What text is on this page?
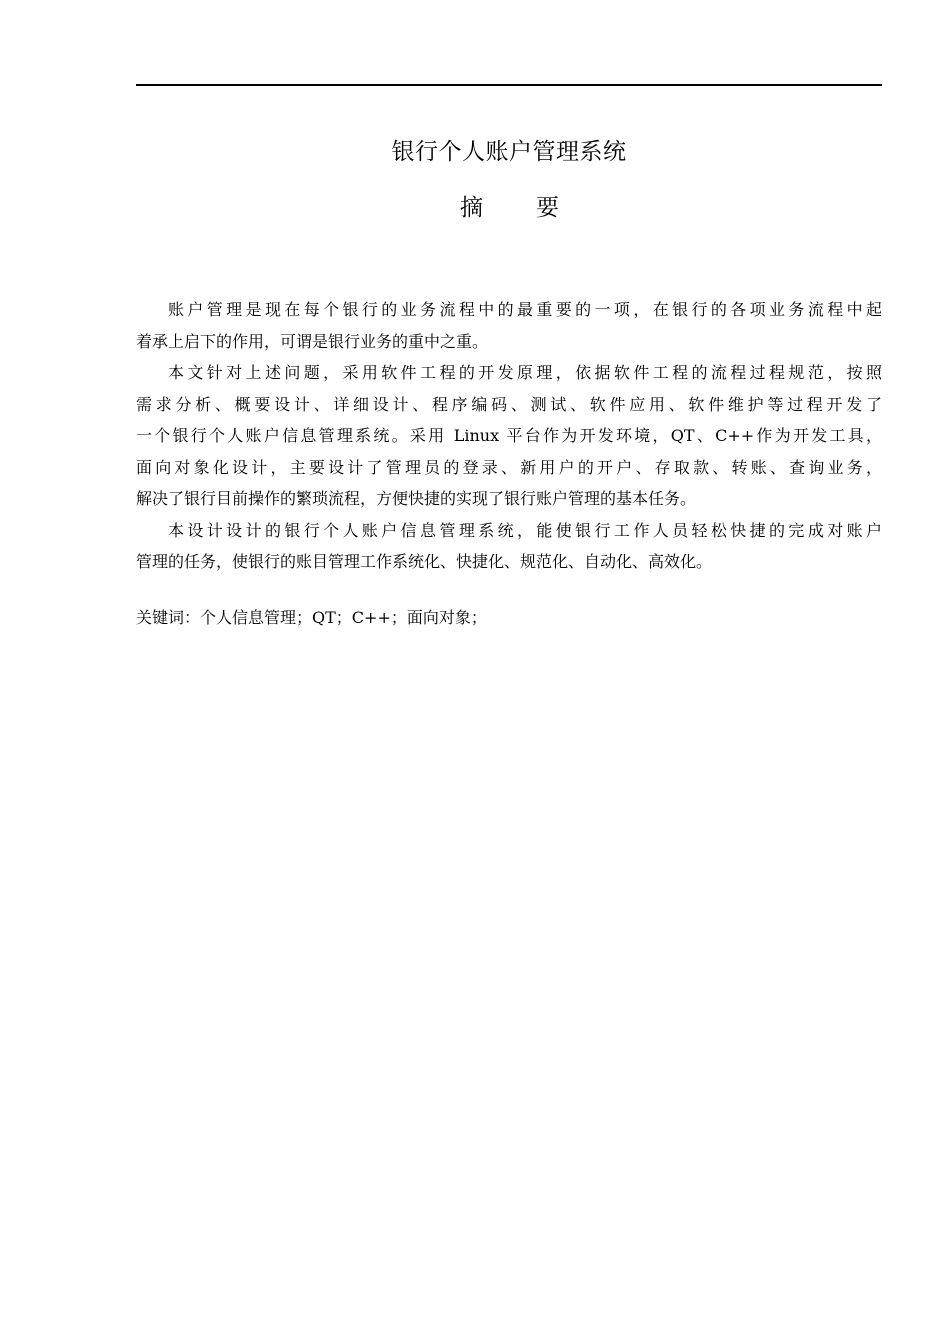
银行个人账户管理系统
摘 要
账户管理是现在每个银行的业务流程中的最重要的一项，在银行的各项业务流程中起
着承上启下的作用，可谓是银行业务的重中之重。
本文针对上述问题，采用软件工程的开发原理，依据软件工程的流程过程规范，按照
需求分析、概要设计、详细设计、程序编码、测试、软件应用、软件维护等过程开发了
一个银行个人账户信息管理系统。采用 Linux 平台作为开发环境，QT、C++作为开发工具，
面向对象化设计，主要设计了管理员的登录、新用户的开户、存取款、转账、查询业务，
解决了银行目前操作的繁琐流程，方便快捷的实现了银行账户管理的基本任务。
本设计设计的银行个人账户信息管理系统，能使银行工作人员轻松快捷的完成对账户
管理的任务，使银行的账目管理工作系统化、快捷化、规范化、自动化、高效化。
关键词：个人信息管理；QT；C++；面向对象；
